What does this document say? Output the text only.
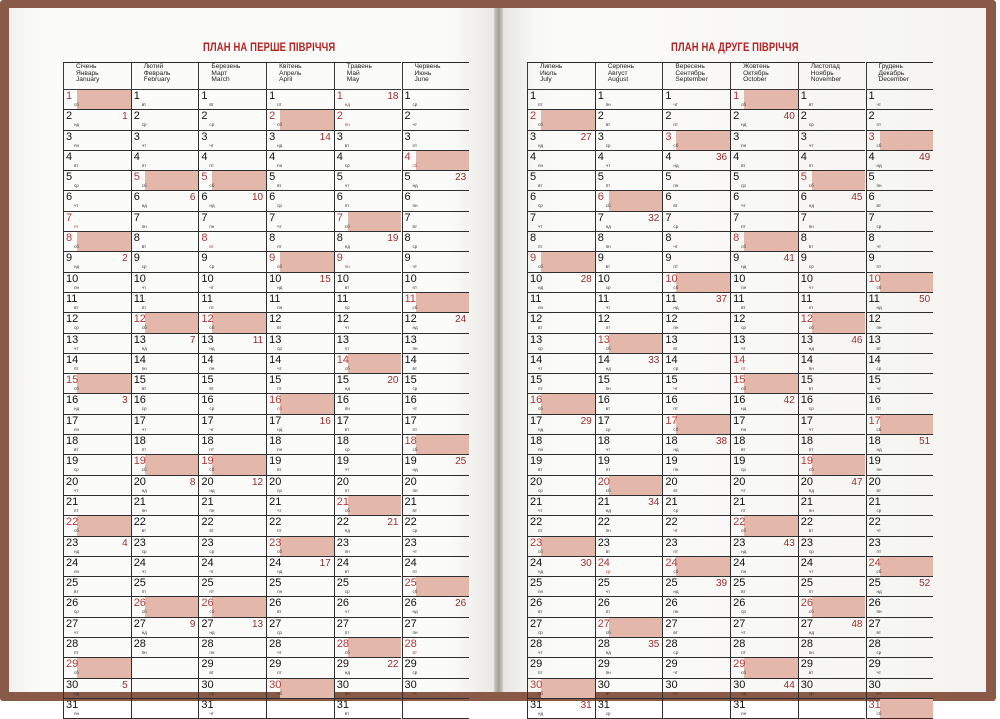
ПЛАН НА ПЕРШЕ ПІВРІЧЧЯ
Січень
Январь
January
1
сб
2
нд
1
3
пн
4
вт
5
ср
6
чт
7
пт
8
сб
9
нд
2
10
пн
11
вт
12
ср
13
чт
14
пт
15
сб
16
нд
3
17
пн
18
вт
19
ср
20
чт
21
пт
22
сб
23
нд
4
24
пн
25
вт
26
ср
27
чт
28
пт
29
сб
30
нд
5
31
пн
Лютий
Февраль
February
1
вт
2
ср
3
чт
4
пт
5
сб
6
нд
6
7
пн
8
вт
9
ср
10
чт
11
пт
12
сб
13
нд
7
14
пн
15
вт
16
ср
17
чт
18
пт
19
сб
20
нд
8
21
пн
22
вт
23
ср
24
чт
25
пт
26
сб
27
нд
9
28
пн
Березень
Март
March
1
вт
2
ср
3
чт
4
пт
5
сб
6
нд
10
7
пн
8
вт
9
ср
10
чт
11
пт
12
сб
13
нд
11
14
пн
15
вт
16
ср
17
чт
18
пт
19
сб
20
нд
12
21
пн
22
вт
23
ср
24
чт
25
пт
26
сб
27
нд
13
28
пн
29
вт
30
ср
31
чт
Квітень
Апрель
April
1
пт
2
сб
3
нд
14
4
пн
5
вт
6
ср
7
чт
8
пт
9
сб
10
нд
15
11
пн
12
вт
13
ср
14
чт
15
пт
16
сб
17
нд
16
18
пн
19
вт
20
ср
21
чт
22
пт
23
сб
24
нд
17
25
пн
26
вт
27
ср
28
чт
29
пт
30
сб
Травень
Май
May
1
нд
18
2
пн
3
вт
4
ср
5
чт
6
пт
7
сб
8
нд
19
9
пн
10
вт
11
ср
12
чт
13
пт
14
сб
15
нд
20
16
пн
17
вт
18
ср
19
чт
20
пт
21
сб
22
нд
21
23
пн
24
вт
25
ср
26
чт
27
пт
28
сб
29
нд
22
30
пн
31
вт
Червень
Июнь
June
1
ср
2
чт
3
пт
4
сб
5
нд
23
6
пн
7
вт
8
ср
9
чт
10
пт
11
сб
12
нд
24
13
пн
14
вт
15
ср
16
чт
17
пт
18
сб
19
нд
25
20
пн
21
вт
22
ср
23
чт
24
пт
25
сб
26
нд
26
27
пн
28
вт
29
ср
30
чт
ПЛАН НА ДРУГЕ ПІВРІЧЧЯ
Липень
Июль
July
1
пт
2
сб
3
нд
27
4
пн
5
вт
6
ср
7
чт
8
пт
9
сб
10
нд
28
11
пн
12
вт
13
ср
14
чт
15
пт
16
сб
17
нд
29
18
пн
19
вт
20
ср
21
чт
22
пт
23
сб
24
нд
30
25
пн
26
вт
27
ср
28
чт
29
пт
30
сб
31
нд
31
Серпень
Август
August
1
пн
2
вт
3
ср
4
чт
5
пт
6
сб
7
нд
32
8
пн
9
вт
10
ср
11
чт
12
пт
13
сб
14
нд
33
15
пн
16
вт
17
ср
18
чт
19
пт
20
сб
21
нд
34
22
пн
23
вт
24
ср
25
чт
26
пт
27
сб
28
нд
35
29
пн
30
вт
31
ср
Вересень
Сентябрь
September
1
чт
2
пт
3
сб
4
нд
36
5
пн
6
вт
7
ср
8
чт
9
пт
10
сб
11
нд
37
12
пн
13
вт
14
ср
15
чт
16
пт
17
сб
18
нд
38
19
пн
20
вт
21
ср
22
чт
23
пт
24
сб
25
нд
39
26
пн
27
вт
28
ср
29
чт
30
пт
Жовтень
Октябрь
October
1
сб
2
нд
40
3
пн
4
вт
5
ср
6
чт
7
пт
8
сб
9
нд
41
10
пн
11
вт
12
ср
13
чт
14
пт
15
сб
16
нд
42
17
пн
18
вт
19
ср
20
чт
21
пт
22
сб
23
нд
43
24
пн
25
вт
26
ср
27
чт
28
пт
29
сб
30
нд
44
31
пн
Листопад
Ноябрь
November
1
вт
2
ср
3
чт
4
пт
5
сб
6
нд
45
7
пн
8
вт
9
ср
10
чт
11
пт
12
сб
13
нд
46
14
пн
15
вт
16
ср
17
чт
18
пт
19
сб
20
нд
47
21
пн
22
вт
23
ср
24
чт
25
пт
26
сб
27
нд
48
28
пн
29
вт
30
ср
Грудень
Декабрь
December
1
чт
2
пт
3
сб
4
нд
49
5
пн
6
вт
7
ср
8
чт
9
пт
10
сб
11
нд
50
12
пн
13
вт
14
ср
15
чт
16
пт
17
сб
18
нд
51
19
пн
20
вт
21
ср
22
чт
23
пт
24
сб
25
нд
52
26
пн
27
вт
28
ср
29
чт
30
пт
31
сб
